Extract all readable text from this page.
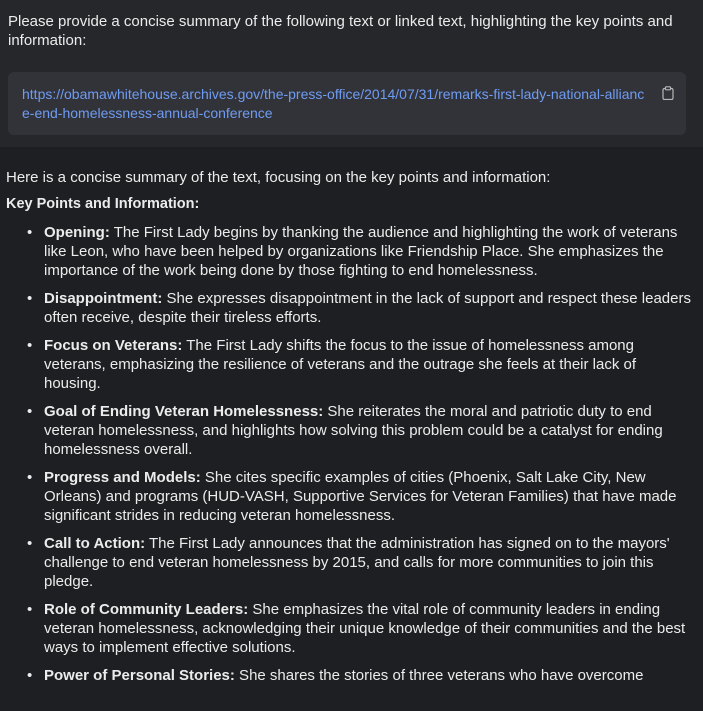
Please provide a concise summary of the following text or linked text, highlighting the key points and information:

https://obamawhitehouse.archives.gov/the-press-office/2014/07/31/remarks-first-lady-national-alliance-end-homelessness-annual-conference

Here is a concise summary of the text, focusing on the key points and information:

Key Points and Information:

• Opening: The First Lady begins by thanking the audience and highlighting the work of veterans like Leon, who have been helped by organizations like Friendship Place. She emphasizes the importance of the work being done by those fighting to end homelessness.
• Disappointment: She expresses disappointment in the lack of support and respect these leaders often receive, despite their tireless efforts.
• Focus on Veterans: The First Lady shifts the focus to the issue of homelessness among veterans, emphasizing the resilience of veterans and the outrage she feels at their lack of housing.
• Goal of Ending Veteran Homelessness: She reiterates the moral and patriotic duty to end veteran homelessness, and highlights how solving this problem could be a catalyst for ending homelessness overall.
• Progress and Models: She cites specific examples of cities (Phoenix, Salt Lake City, New Orleans) and programs (HUD-VASH, Supportive Services for Veteran Families) that have made significant strides in reducing veteran homelessness.
• Call to Action: The First Lady announces that the administration has signed on to the mayors' challenge to end veteran homelessness by 2015, and calls for more communities to join this pledge.
• Role of Community Leaders: She emphasizes the vital role of community leaders in ending veteran homelessness, acknowledging their unique knowledge of their communities and the best ways to implement effective solutions.
• Power of Personal Stories: She shares the stories of three veterans who have overcome
